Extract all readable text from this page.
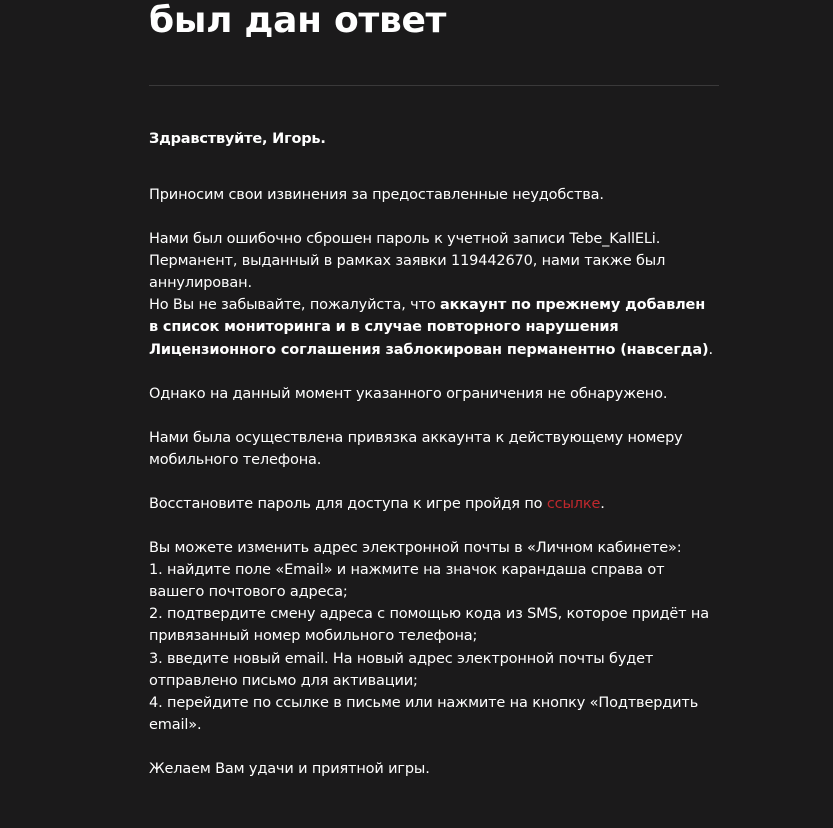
был дан ответ
Здравствуйте, Игорь.

Приносим свои извинения за предоставленные неудобства.

Нами был ошибочно сброшен пароль к учетной записи Tebe_KallELi.
Перманент, выданный в рамках заявки 119442670, нами также был аннулирован.
Но Вы не забывайте, пожалуйста, что аккаунт по прежнему добавлен в список мониторинга и в случае повторного нарушения Лицензионного соглашения заблокирован перманентно (навсегда).

Однако на данный момент указанного ограничения не обнаружено.

Нами была осуществлена привязка аккаунта к действующему номеру мобильного телефона.

Восстановите пароль для доступа к игре пройдя по ссылке.

Вы можете изменить адрес электронной почты в «Личном кабинете»:
1. найдите поле «Email» и нажмите на значок карандаша справа от вашего почтового адреса;
2. подтвердите смену адреса с помощью кода из SMS, которое придёт на привязанный номер мобильного телефона;
3. введите новый email. На новый адрес электронной почты будет отправлено письмо для активации;
4. перейдите по ссылке в письме или нажмите на кнопку «Подтвердить email».

Желаем Вам удачи и приятной игры.
